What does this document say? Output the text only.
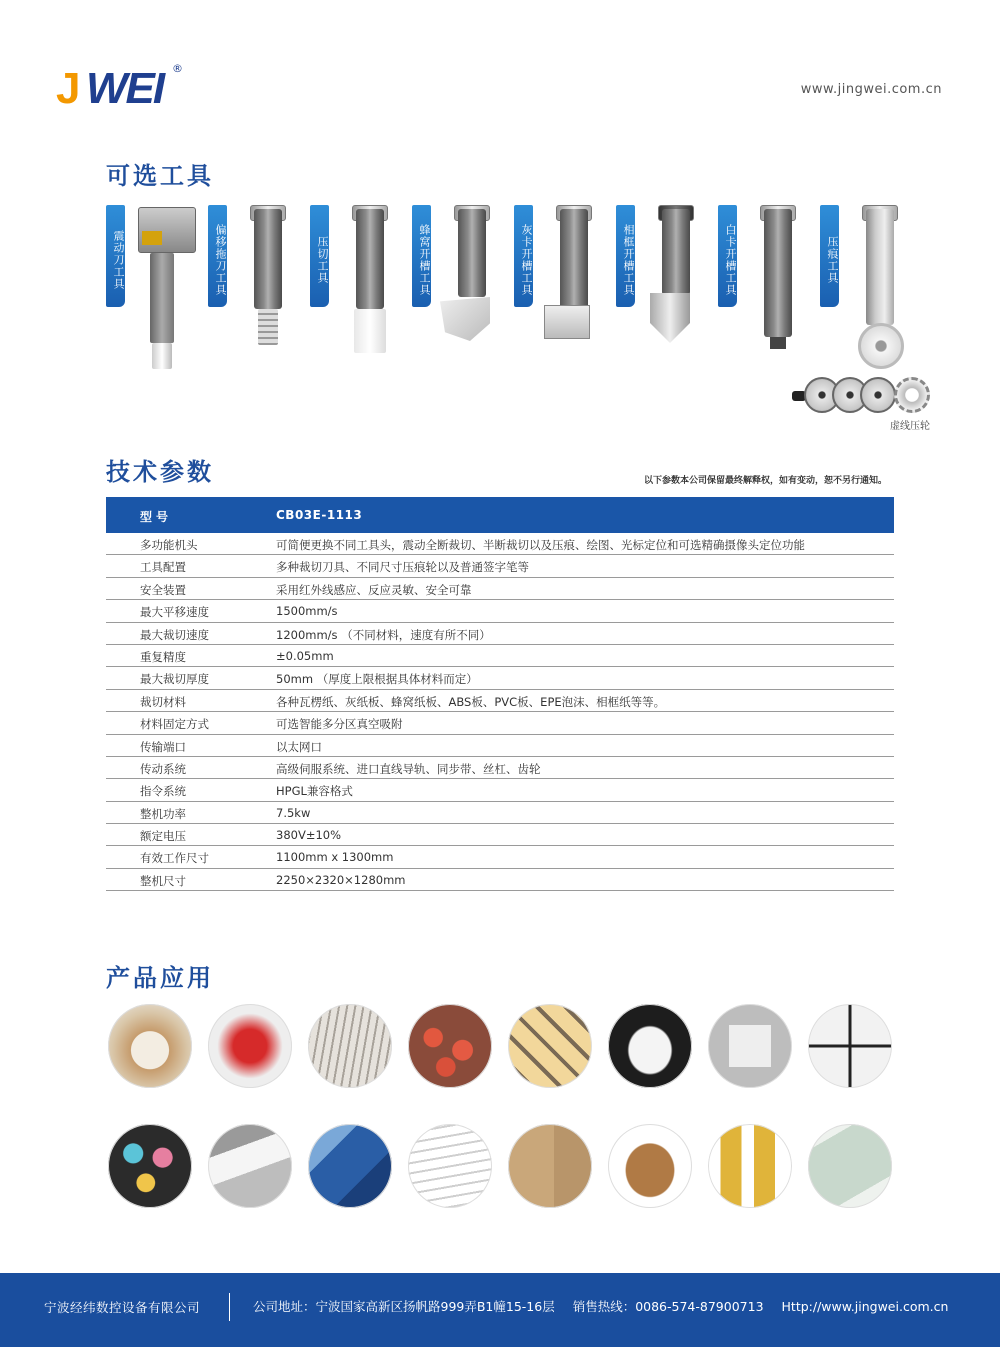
J WEI ®
www.jingwei.com.cn
可选工具
震动刀工具	偏移拖刀工具	压切工具	蜂窝开槽工具	灰卡开槽工具	相框开槽工具	白卡开槽工具	压痕工具
虚线压轮
技术参数	以下参数本公司保留最终解释权，如有变动，恕不另行通知。
型号	CB03E-1113
多功能机头	可简便更换不同工具头，震动全断裁切、半断裁切以及压痕、绘图、光标定位和可选精确摄像头定位功能
工具配置	多种裁切刀具、不同尺寸压痕轮以及普通签字笔等
安全装置	采用红外线感应、反应灵敏、安全可靠
最大平移速度	1500mm/s
最大裁切速度	1200mm/s （不同材料，速度有所不同）
重复精度	±0.05mm
最大裁切厚度	50mm （厚度上限根据具体材料而定）
裁切材料	各种瓦楞纸、灰纸板、蜂窝纸板、ABS板、PVC板、EPE泡沫、相框纸等等。
材料固定方式	可选智能多分区真空吸附
传输端口	以太网口
传动系统	高级伺服系统、进口直线导轨、同步带、丝杠、齿轮
指令系统	HPGL兼容格式
整机功率	7.5kw
额定电压	380V±10%
有效工作尺寸	1100mm x 1300mm
整机尺寸	2250×2320×1280mm
产品应用
宁波经纬数控设备有限公司	公司地址：宁波国家高新区扬帆路999弄B1幢15-16层 销售热线：0086-574-87900713 Http://www.jingwei.com.cn
